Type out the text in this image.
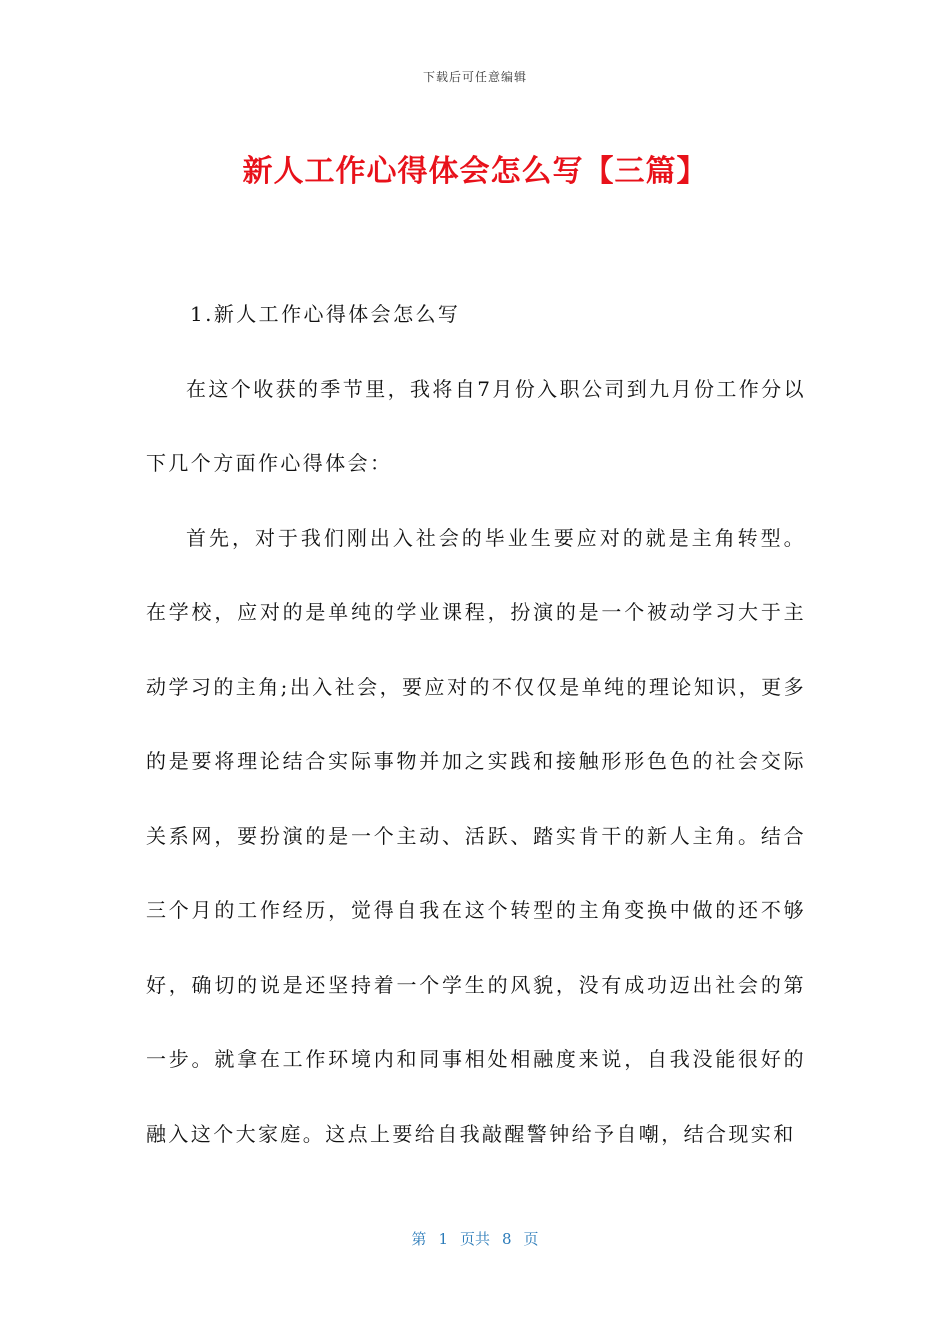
下载后可任意编辑
新人工作心得体会怎么写【三篇】
1.新人工作心得体会怎么写

在这个收获的季节里，我将自7月份入职公司到九月份工作分以下几个方面作心得体会：

首先，对于我们刚出入社会的毕业生要应对的就是主角转型。在学校，应对的是单纯的学业课程，扮演的是一个被动学习大于主动学习的主角;出入社会，要应对的不仅仅是单纯的理论知识，更多的是要将理论结合实际事物并加之实践和接触形形色色的社会交际关系网，要扮演的是一个主动、活跃、踏实肯干的新人主角。结合三个月的工作经历，觉得自我在这个转型的主角变换中做的还不够好，确切的说是还坚持着一个学生的风貌，没有成功迈出社会的第一步。就拿在工作环境内和同事相处相融度来说，自我没能很好的融入这个大家庭。这点上要给自我敲醒警钟给予自嘲，结合现实和

第 1 页共 8 页
